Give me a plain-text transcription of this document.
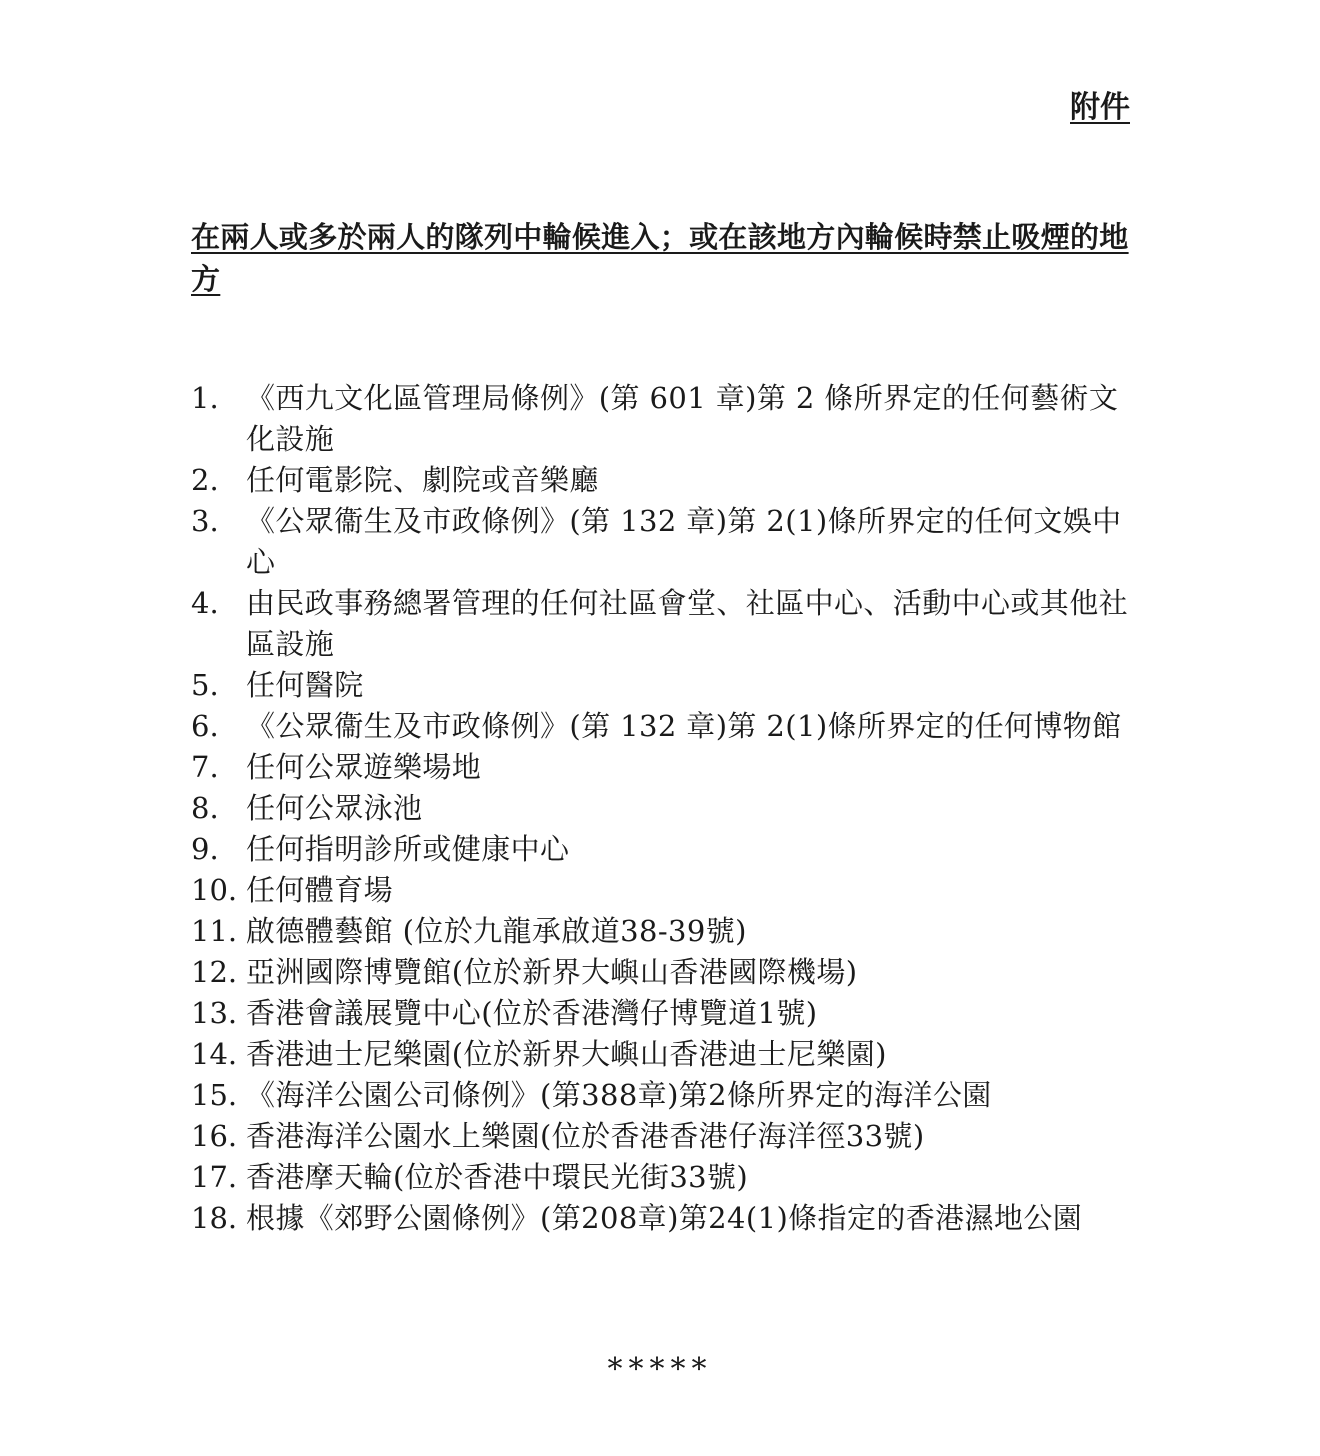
附件
在兩人或多於兩人的隊列中輪候進入；或在該地方內輪候時禁止吸煙的地方
1. 《西九文化區管理局條例》(第 601 章)第 2 條所界定的任何藝術文化設施
2. 任何電影院、劇院或音樂廳
3. 《公眾衞生及市政條例》(第 132 章)第 2(1)條所界定的任何文娛中心
4. 由民政事務總署管理的任何社區會堂、社區中心、活動中心或其他社區設施
5. 任何醫院
6. 《公眾衞生及市政條例》(第 132 章)第 2(1)條所界定的任何博物館
7. 任何公眾遊樂場地
8. 任何公眾泳池
9. 任何指明診所或健康中心
10. 任何體育場
11. 啟德體藝館 (位於九龍承啟道38-39號)
12. 亞洲國際博覽館(位於新界大嶼山香港國際機場)
13. 香港會議展覽中心(位於香港灣仔博覽道1號)
14. 香港迪士尼樂園(位於新界大嶼山香港迪士尼樂園)
15. 《海洋公園公司條例》(第388章)第2條所界定的海洋公園
16. 香港海洋公園水上樂園(位於香港香港仔海洋徑33號)
17. 香港摩天輪(位於香港中環民光街33號)
18. 根據《郊野公園條例》(第208章)第24(1)條指定的香港濕地公園
*****
